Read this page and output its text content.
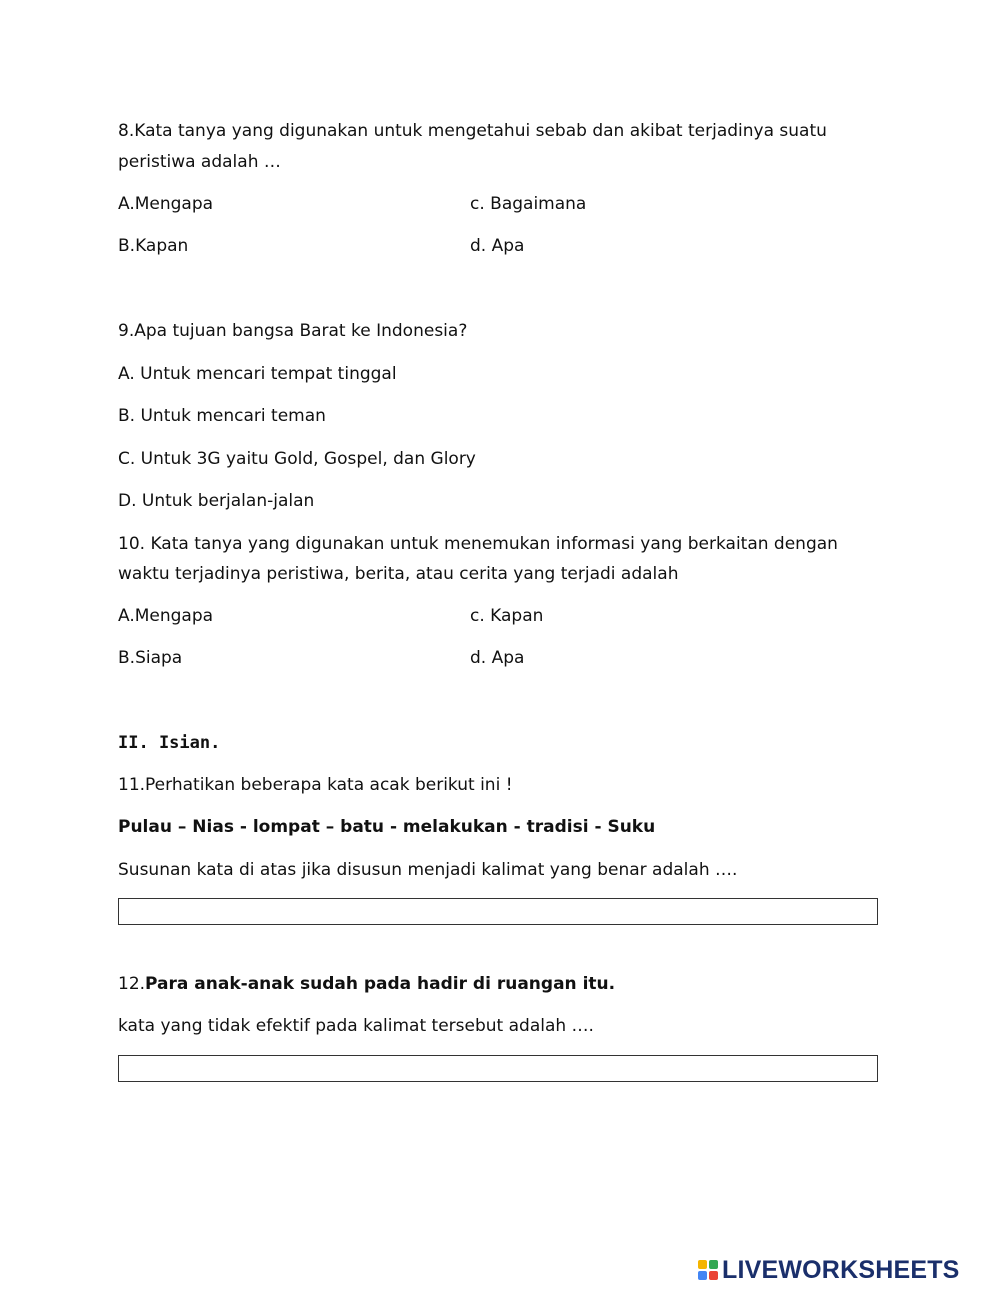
8.Kata tanya yang digunakan untuk mengetahui sebab dan akibat terjadinya suatu
peristiwa adalah …
A.Mengapa	c. Bagaimana
B.Kapan	d. Apa
9.Apa tujuan bangsa Barat ke Indonesia?
A. Untuk mencari tempat tinggal
B. Untuk mencari teman
C. Untuk 3G yaitu Gold, Gospel, dan Glory
D. Untuk berjalan-jalan
10. Kata tanya yang digunakan untuk menemukan informasi yang berkaitan dengan
waktu terjadinya peristiwa, berita, atau cerita yang terjadi adalah
A.Mengapa	c. Kapan
B.Siapa	d. Apa
II. Isian.
11.Perhatikan beberapa kata acak berikut ini !
Pulau – Nias - lompat – batu - melakukan - tradisi - Suku
Susunan kata di atas jika disusun menjadi kalimat yang benar adalah ….
12.Para anak-anak sudah pada hadir di ruangan itu.
kata yang tidak efektif pada kalimat tersebut adalah ….
LIVEWORKSHEETS
